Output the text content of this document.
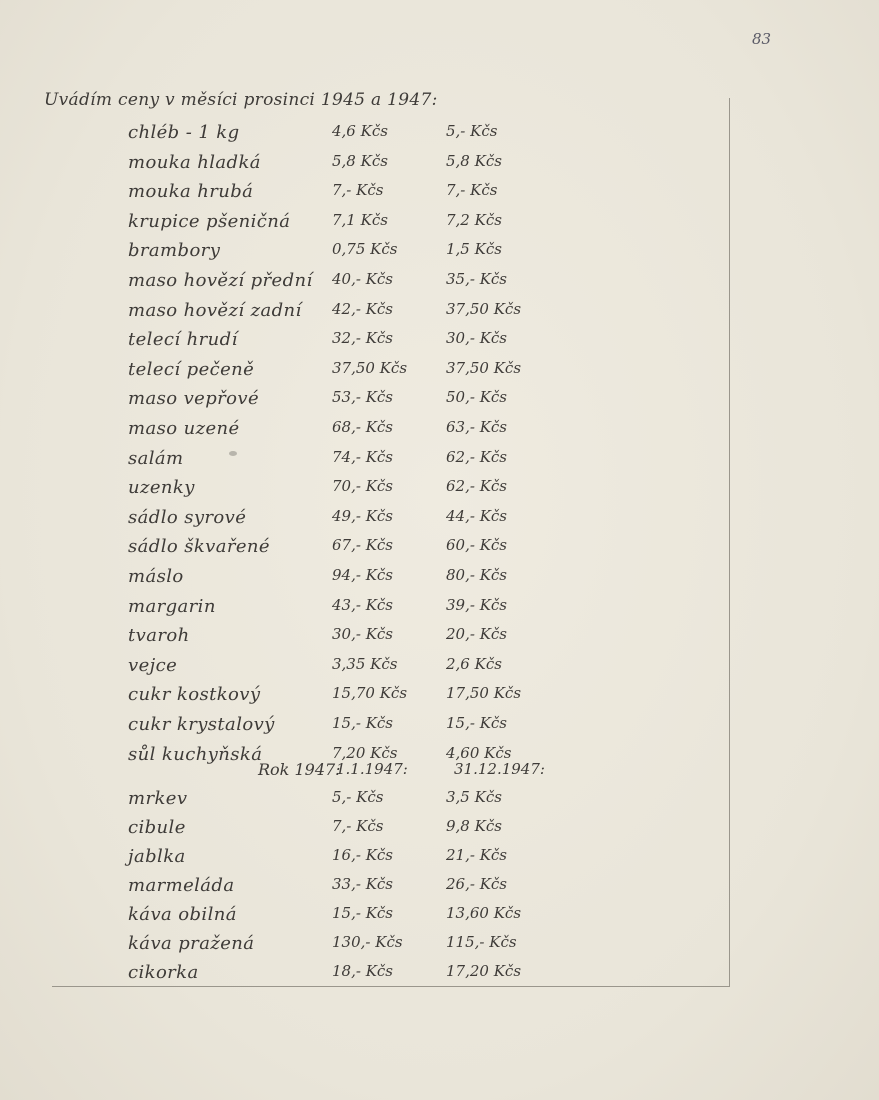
83
Uvádím ceny v měsíci prosinci 1945 a 1947:
chléb - 1 kg	4,6 Kčs	5,- Kčs
mouka hladká	5,8 Kčs	5,8 Kčs
mouka hrubá	7,- Kčs	7,- Kčs
krupice pšeničná	7,1 Kčs	7,2 Kčs
brambory	0,75 Kčs	1,5 Kčs
maso hovězí přední 40,- Kčs	35,- Kčs
maso hovězí zadní 42,- Kčs	37,50 Kčs
telecí hrudí	32,- Kčs	30,- Kčs
telecí pečeně	37,50 Kčs	37,50 Kčs
maso vepřové	53,- Kčs	50,- Kčs
maso uzené	68,- Kčs	63,- Kčs
salám	74,- Kčs	62,- Kčs
uzenky	70,- Kčs	62,- Kčs
sádlo syrové	49,- Kčs	44,- Kčs
sádlo škvařené	67,- Kčs	60,- Kčs
máslo	94,- Kčs	80,- Kčs
margarin	43,- Kčs	39,- Kčs
tvaroh	30,- Kčs	20,- Kčs
vejce	3,35 Kčs	2,6 Kčs
cukr kostkový	15,70 Kčs	17,50 Kčs
cukr krystalový	15,- Kčs	15,- Kčs
sůl kuchyňská	7,20 Kčs	4,60 Kčs
Rok 1947:
1.1.1947:	31.12.1947:
mrkev	5,- Kčs	3,5 Kčs
cibule	7,- Kčs	9,8 Kčs
jablka	16,- Kčs	21,- Kčs
marmeláda	33,- Kčs	26,- Kčs
káva obilná	15,- Kčs	13,60 Kčs
káva pražená	130,- Kčs	115,- Kčs
cikorka	18,- Kčs	17,20 Kčs
